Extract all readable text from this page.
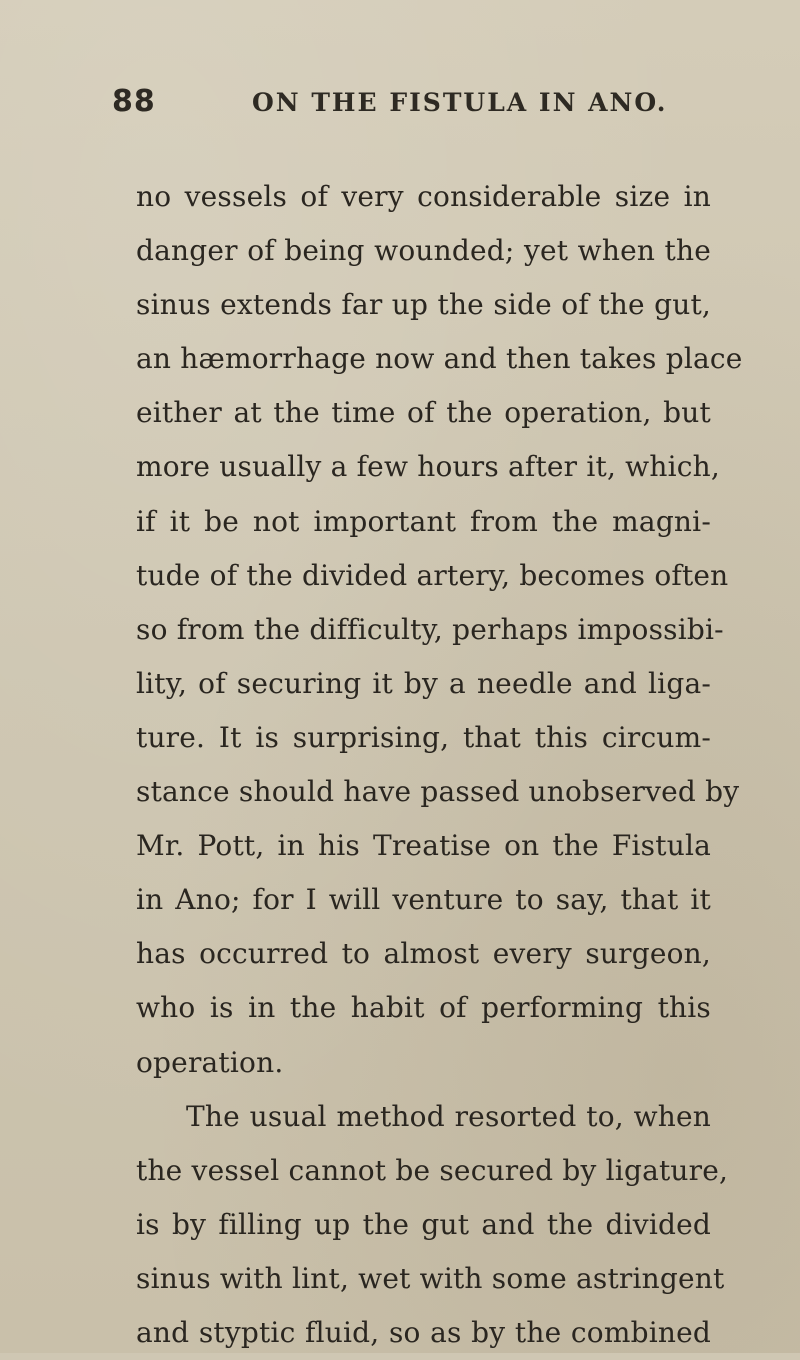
88	ON THE FISTULA IN ANO.
no vessels of very considerable size in
danger of being wounded; yet when the
sinus extends far up the side of the gut,
an hæmorrhage now and then takes place
either at the time of the operation, but
more usually a few hours after it, which,
if it be not important from the magni-
tude of the divided artery, becomes often
so from the difficulty, perhaps impossibi-
lity, of securing it by a needle and liga-
ture. It is surprising, that this circum-
stance should have passed unobserved by
Mr. Pott, in his Treatise on the Fistula
in Ano; for I will venture to say, that it
has occurred to almost every surgeon,
who is in the habit of performing this
operation.
The usual method resorted to, when
the vessel cannot be secured by ligature,
is by filling up the gut and the divided
sinus with lint, wet with some astringent
and styptic fluid, so as by the combined
